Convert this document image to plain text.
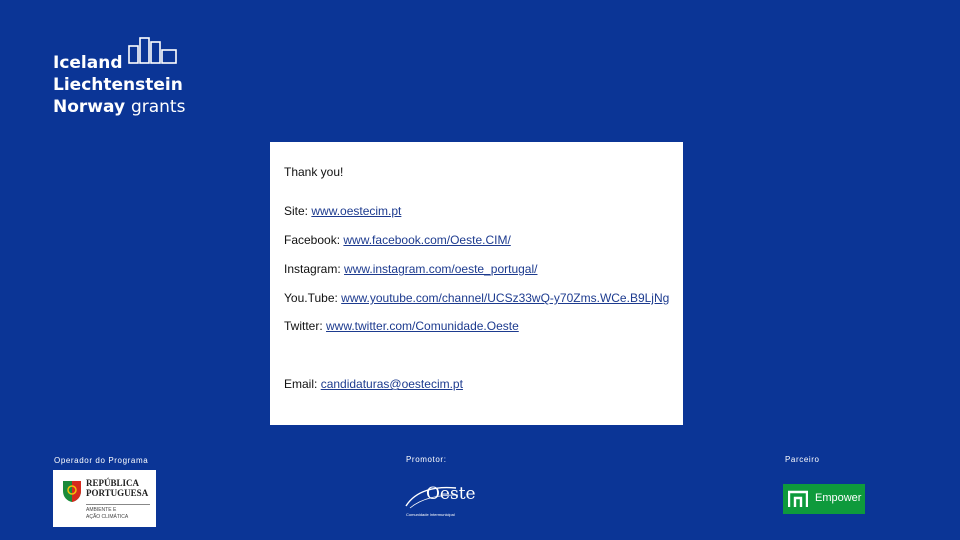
Iceland
Liechtenstein
Norway grants
Thank you!
Site: www.oestecim.pt
Facebook: www.facebook.com/Oeste.CIM/
Instagram: www.instagram.com/oeste_portugal/
You.Tube: www.youtube.com/channel/UCSz33wQ-y70Zms.WCe.B9LjNg
Twitter: www.twitter.com/Comunidade.Oeste
Email: candidaturas@oestecim.pt
Operador do Programa	Promotor:	Parceiro
REPÚBLICA
PORTUGUESA
AMBIENTE E
AÇÃO CLIMÁTICA
Oeste
Comunidade Intermunicipal
Empower
